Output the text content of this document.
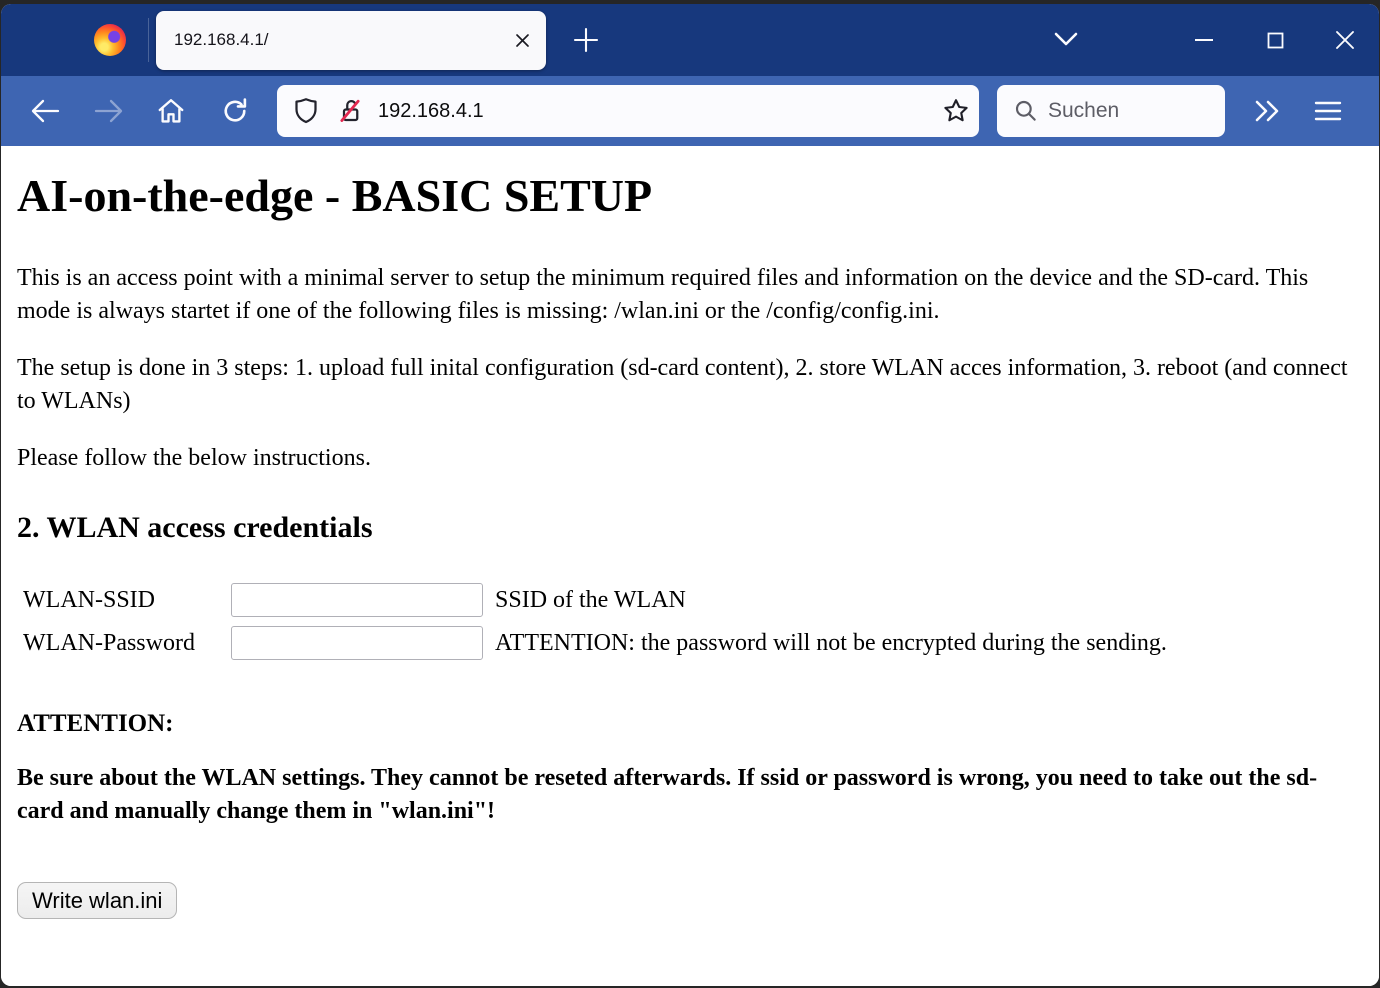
192.168.4.1/
192.168.4.1	Suchen
AI-on-the-edge - BASIC SETUP

This is an access point with a minimal server to setup the minimum required files and information on the device and the SD-card. This mode is always startet if one of the following files is missing: /wlan.ini or the /config/config.ini.

The setup is done in 3 steps: 1. upload full inital configuration (sd-card content), 2. store WLAN acces information, 3. reboot (and connect to WLANs)

Please follow the below instructions.

2. WLAN access credentials
WLAN-SSID	SSID of the WLAN
WLAN-Password	ATTENTION: the password will not be encrypted during the sending.
ATTENTION:

Be sure about the WLAN settings. They cannot be reseted afterwards. If ssid or password is wrong, you need to take out the sd-card and manually change them in "wlan.ini"!

Write wlan.ini
